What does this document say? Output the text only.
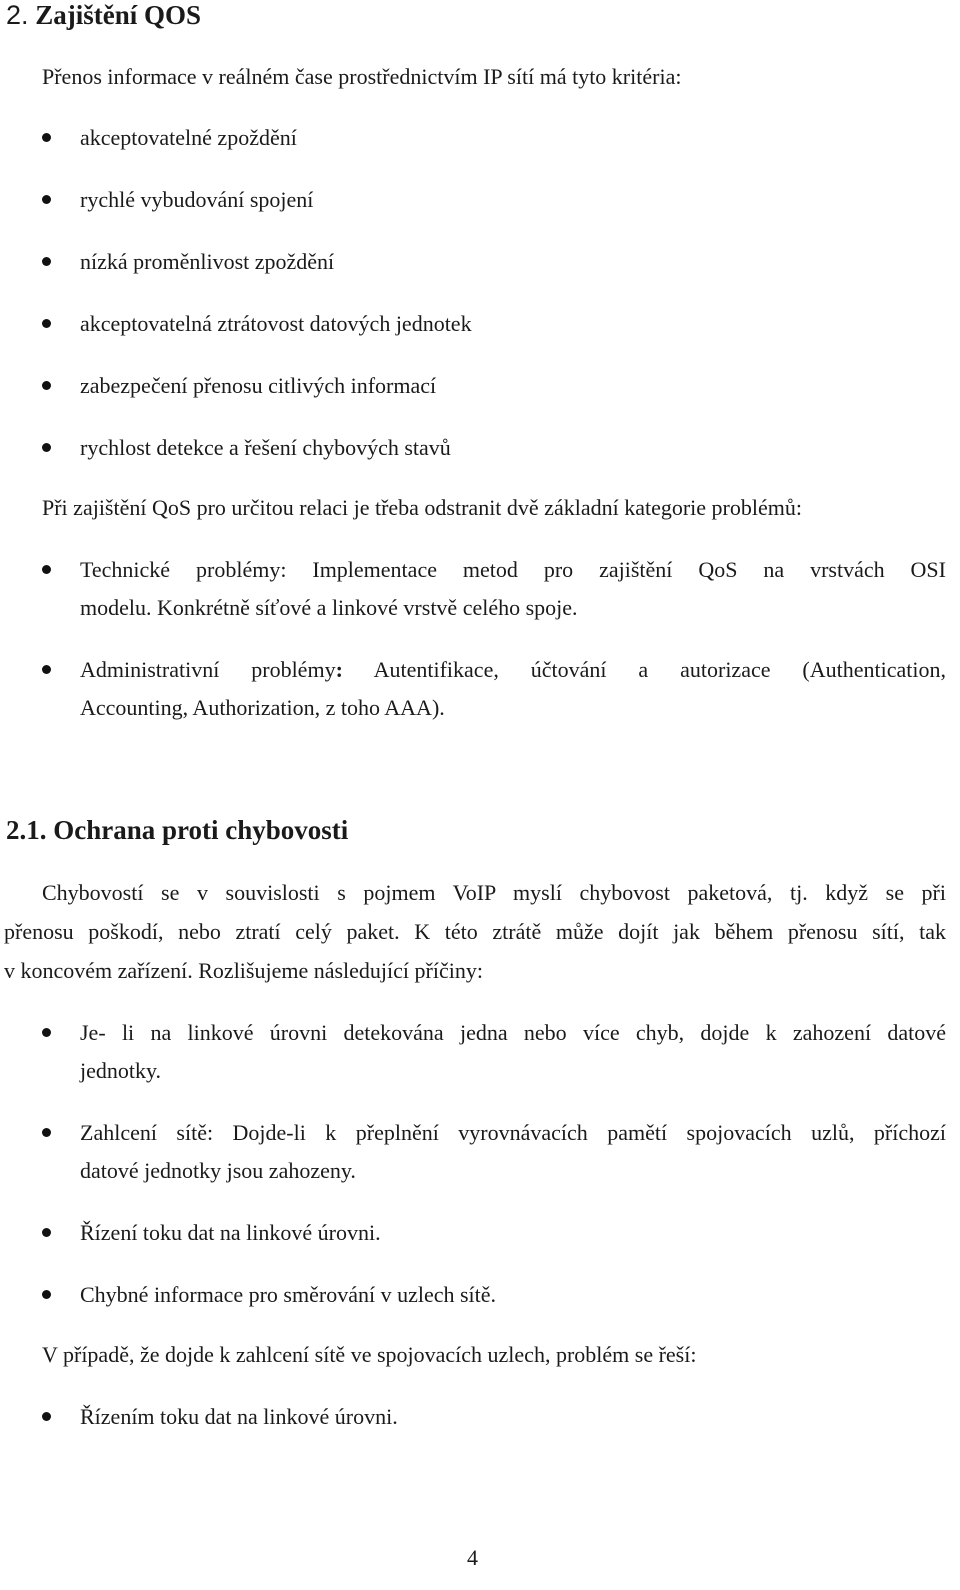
2. Zajištění QOS
Přenos informace v reálném čase prostřednictvím IP sítí má tyto kritéria:
akceptovatelné zpoždění
rychlé vybudování spojení
nízká proměnlivost zpoždění
akceptovatelná ztrátovost datových jednotek
zabezpečení přenosu citlivých informací
rychlost detekce a řešení chybových stavů
Při zajištění QoS pro určitou relaci je třeba odstranit dvě základní kategorie problémů:
Technické problémy: Implementace metod pro zajištění QoS na vrstvách OSI
modelu. Konkrétně síťové a linkové vrstvě celého spoje.
Administrativní problémy: Autentifikace, účtování a autorizace (Authentication,
Accounting, Authorization, z toho AAA).
2.1. Ochrana proti chybovosti
Chybovostí se v souvislosti s pojmem VoIP myslí chybovost paketová, tj. když se při
přenosu poškodí, nebo ztratí celý paket. K této ztrátě může dojít jak během přenosu sítí, tak
v koncovém zařízení. Rozlišujeme následující příčiny:
Je- li na linkové úrovni detekována jedna nebo více chyb, dojde k zahození datové
jednotky.
Zahlcení sítě: Dojde-li k přeplnění vyrovnávacích pamětí spojovacích uzlů, příchozí
datové jednotky jsou zahozeny.
Řízení toku dat na linkové úrovni.
Chybné informace pro směrování v uzlech sítě.
V případě, že dojde k zahlcení sítě ve spojovacích uzlech, problém se řeší:
Řízením toku dat na linkové úrovni.
4
